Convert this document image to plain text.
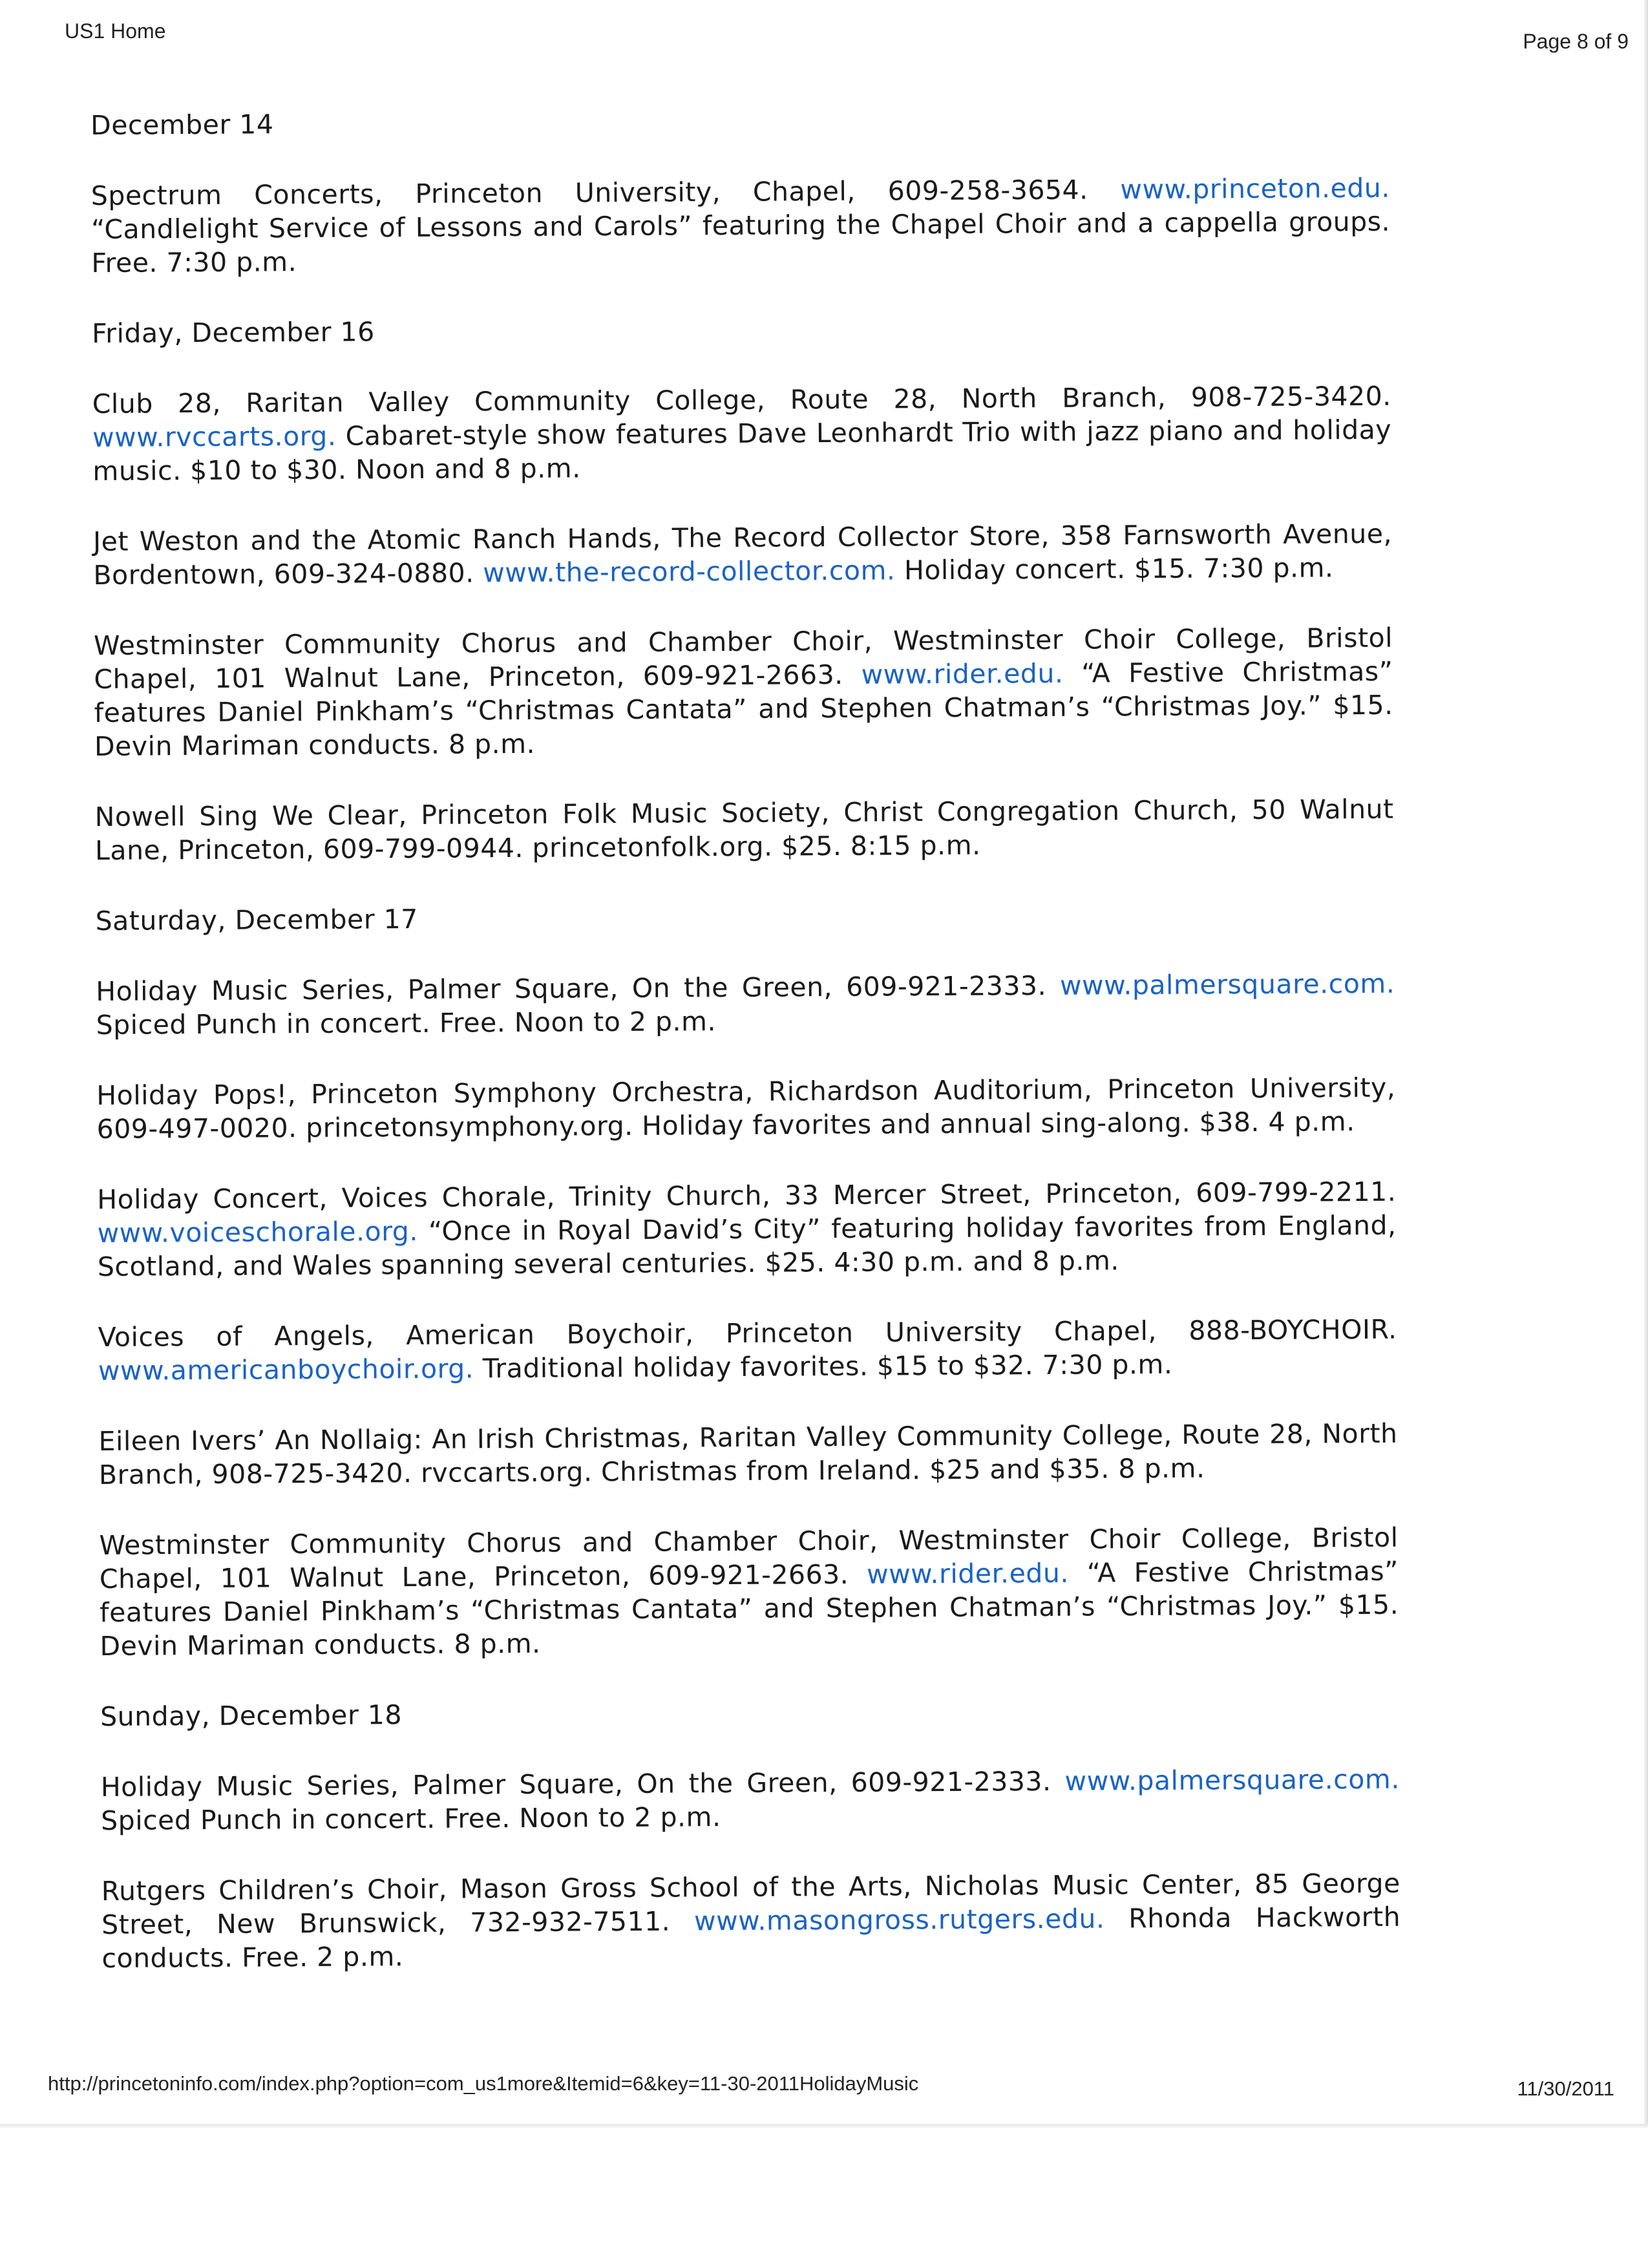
US1 Home	Page 8 of 9
December 14
Spectrum Concerts, Princeton University, Chapel, 609-258-3654. www.princeton.edu. “Candlelight Service of Lessons and Carols” featuring the Chapel Choir and a cappella groups. Free. 7:30 p.m.
Friday, December 16
Club 28, Raritan Valley Community College, Route 28, North Branch, 908-725-3420. www.rvccarts.org. Cabaret-style show features Dave Leonhardt Trio with jazz piano and holiday music. $10 to $30. Noon and 8 p.m.
Jet Weston and the Atomic Ranch Hands, The Record Collector Store, 358 Farnsworth Avenue, Bordentown, 609-324-0880. www.the-record-collector.com. Holiday concert. $15. 7:30 p.m.
Westminster Community Chorus and Chamber Choir, Westminster Choir College, Bristol Chapel, 101 Walnut Lane, Princeton, 609-921-2663. www.rider.edu. “A Festive Christmas” features Daniel Pinkham’s “Christmas Cantata” and Stephen Chatman’s “Christmas Joy.” $15. Devin Mariman conducts. 8 p.m.
Nowell Sing We Clear, Princeton Folk Music Society, Christ Congregation Church, 50 Walnut Lane, Princeton, 609-799-0944. princetonfolk.org. $25. 8:15 p.m.
Saturday, December 17
Holiday Music Series, Palmer Square, On the Green, 609-921-2333. www.palmersquare.com. Spiced Punch in concert. Free. Noon to 2 p.m.
Holiday Pops!, Princeton Symphony Orchestra, Richardson Auditorium, Princeton University, 609-497-0020. princetonsymphony.org. Holiday favorites and annual sing-along. $38. 4 p.m.
Holiday Concert, Voices Chorale, Trinity Church, 33 Mercer Street, Princeton, 609-799-2211. www.voiceschorale.org. “Once in Royal David’s City” featuring holiday favorites from England, Scotland, and Wales spanning several centuries. $25. 4:30 p.m. and 8 p.m.
Voices of Angels, American Boychoir, Princeton University Chapel, 888-BOYCHOIR. www.americanboychoir.org. Traditional holiday favorites. $15 to $32. 7:30 p.m.
Eileen Ivers’ An Nollaig: An Irish Christmas, Raritan Valley Community College, Route 28, North Branch, 908-725-3420. rvccarts.org. Christmas from Ireland. $25 and $35. 8 p.m.
Westminster Community Chorus and Chamber Choir, Westminster Choir College, Bristol Chapel, 101 Walnut Lane, Princeton, 609-921-2663. www.rider.edu. “A Festive Christmas” features Daniel Pinkham’s “Christmas Cantata” and Stephen Chatman’s “Christmas Joy.” $15. Devin Mariman conducts. 8 p.m.
Sunday, December 18
Holiday Music Series, Palmer Square, On the Green, 609-921-2333. www.palmersquare.com. Spiced Punch in concert. Free. Noon to 2 p.m.
Rutgers Children’s Choir, Mason Gross School of the Arts, Nicholas Music Center, 85 George Street, New Brunswick, 732-932-7511. www.masongross.rutgers.edu. Rhonda Hackworth conducts. Free. 2 p.m.
http://princetoninfo.com/index.php?option=com_us1more&Itemid=6&key=11-30-2011HolidayMusic	11/30/2011
